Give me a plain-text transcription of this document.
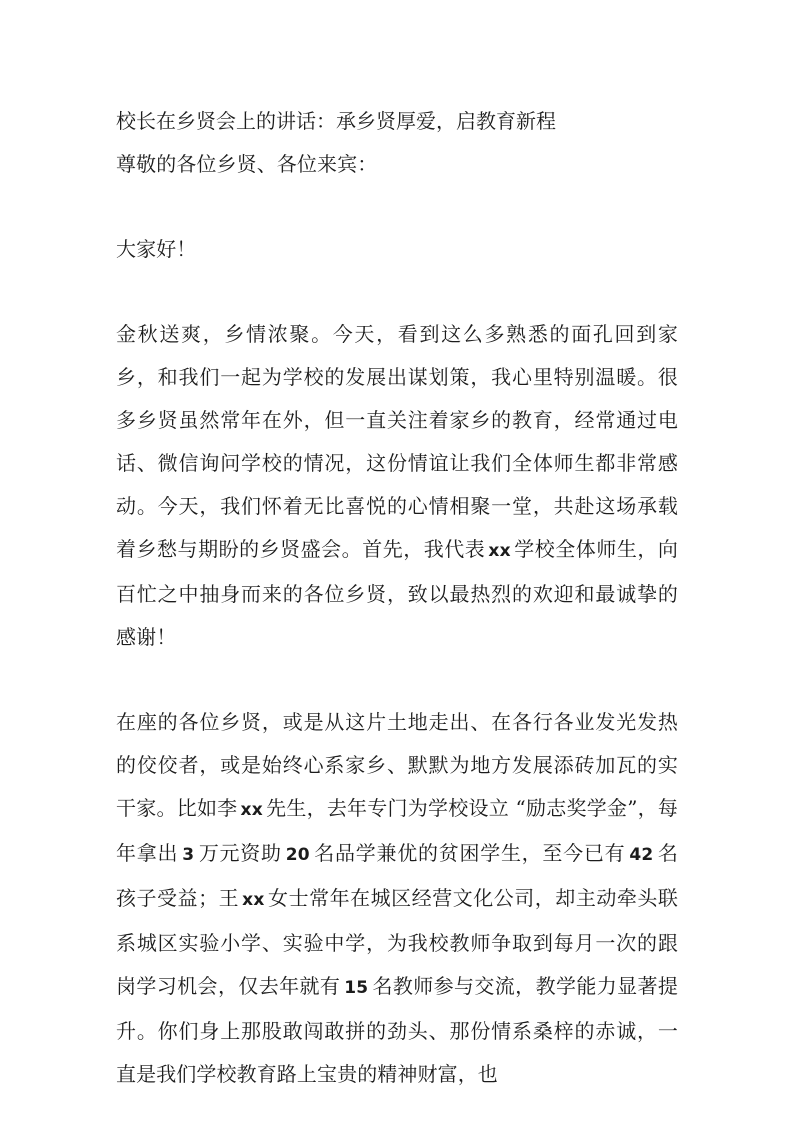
校长在乡贤会上的讲话：承乡贤厚爱，启教育新程

尊敬的各位乡贤、各位来宾：

大家好！

金秋送爽，乡情浓聚。今天，看到这么多熟悉的面孔回到家乡，和我们一起为学校的发展出谋划策，我心里特别温暖。很多乡贤虽然常年在外，但一直关注着家乡的教育，经常通过电话、微信询问学校的情况，这份情谊让我们全体师生都非常感动。今天，我们怀着无比喜悦的心情相聚一堂，共赴这场承载着乡愁与期盼的乡贤盛会。首先，我代表 xx 学校全体师生，向百忙之中抽身而来的各位乡贤，致以最热烈的欢迎和最诚挚的感谢！

在座的各位乡贤，或是从这片土地走出、在各行各业发光发热的佼佼者，或是始终心系家乡、默默为地方发展添砖加瓦的实干家。比如李 xx 先生，去年专门为学校设立 “励志奖学金”，每年拿出 3 万元资助 20 名品学兼优的贫困学生，至今已有 42 名孩子受益；王 xx 女士常年在城区经营文化公司，却主动牵头联系城区实验小学、实验中学，为我校教师争取到每月一次的跟岗学习机会，仅去年就有 15 名教师参与交流，教学能力显著提升。你们身上那股敢闯敢拼的劲头、那份情系桑梓的赤诚，一直是我们学校教育路上宝贵的精神财富，也
